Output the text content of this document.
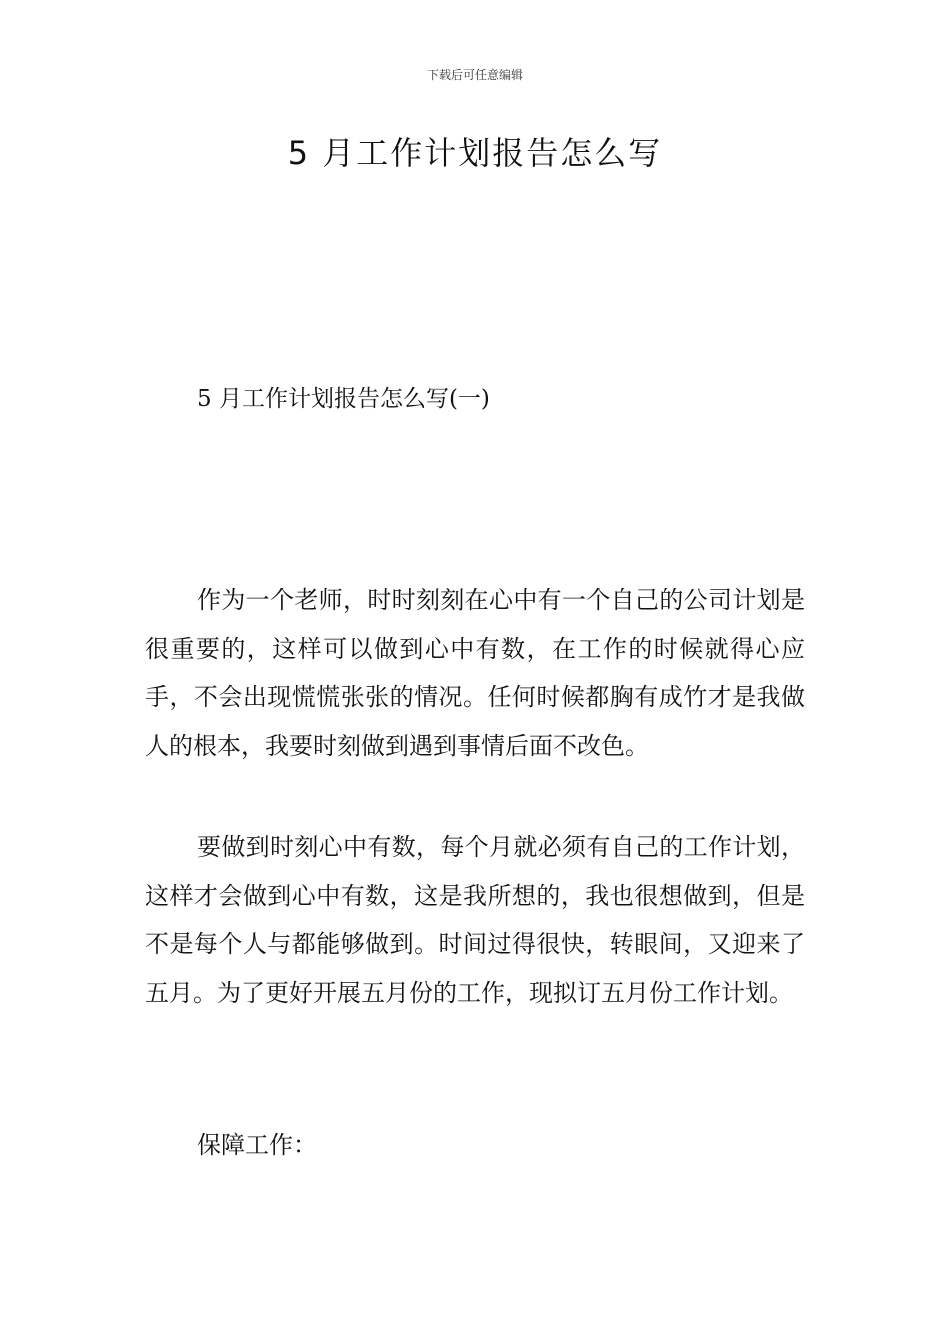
下载后可任意编辑
5 月工作计划报告怎么写
5 月工作计划报告怎么写(一)

作为一个老师，时时刻刻在心中有一个自己的公司计划是很重要的，这样可以做到心中有数，在工作的时候就得心应手，不会出现慌慌张张的情况。任何时候都胸有成竹才是我做人的根本，我要时刻做到遇到事情后面不改色。

要做到时刻心中有数，每个月就必须有自己的工作计划，这样才会做到心中有数，这是我所想的，我也很想做到，但是不是每个人与都能够做到。时间过得很快，转眼间，又迎来了五月。为了更好开展五月份的工作，现拟订五月份工作计划。

保障工作：
